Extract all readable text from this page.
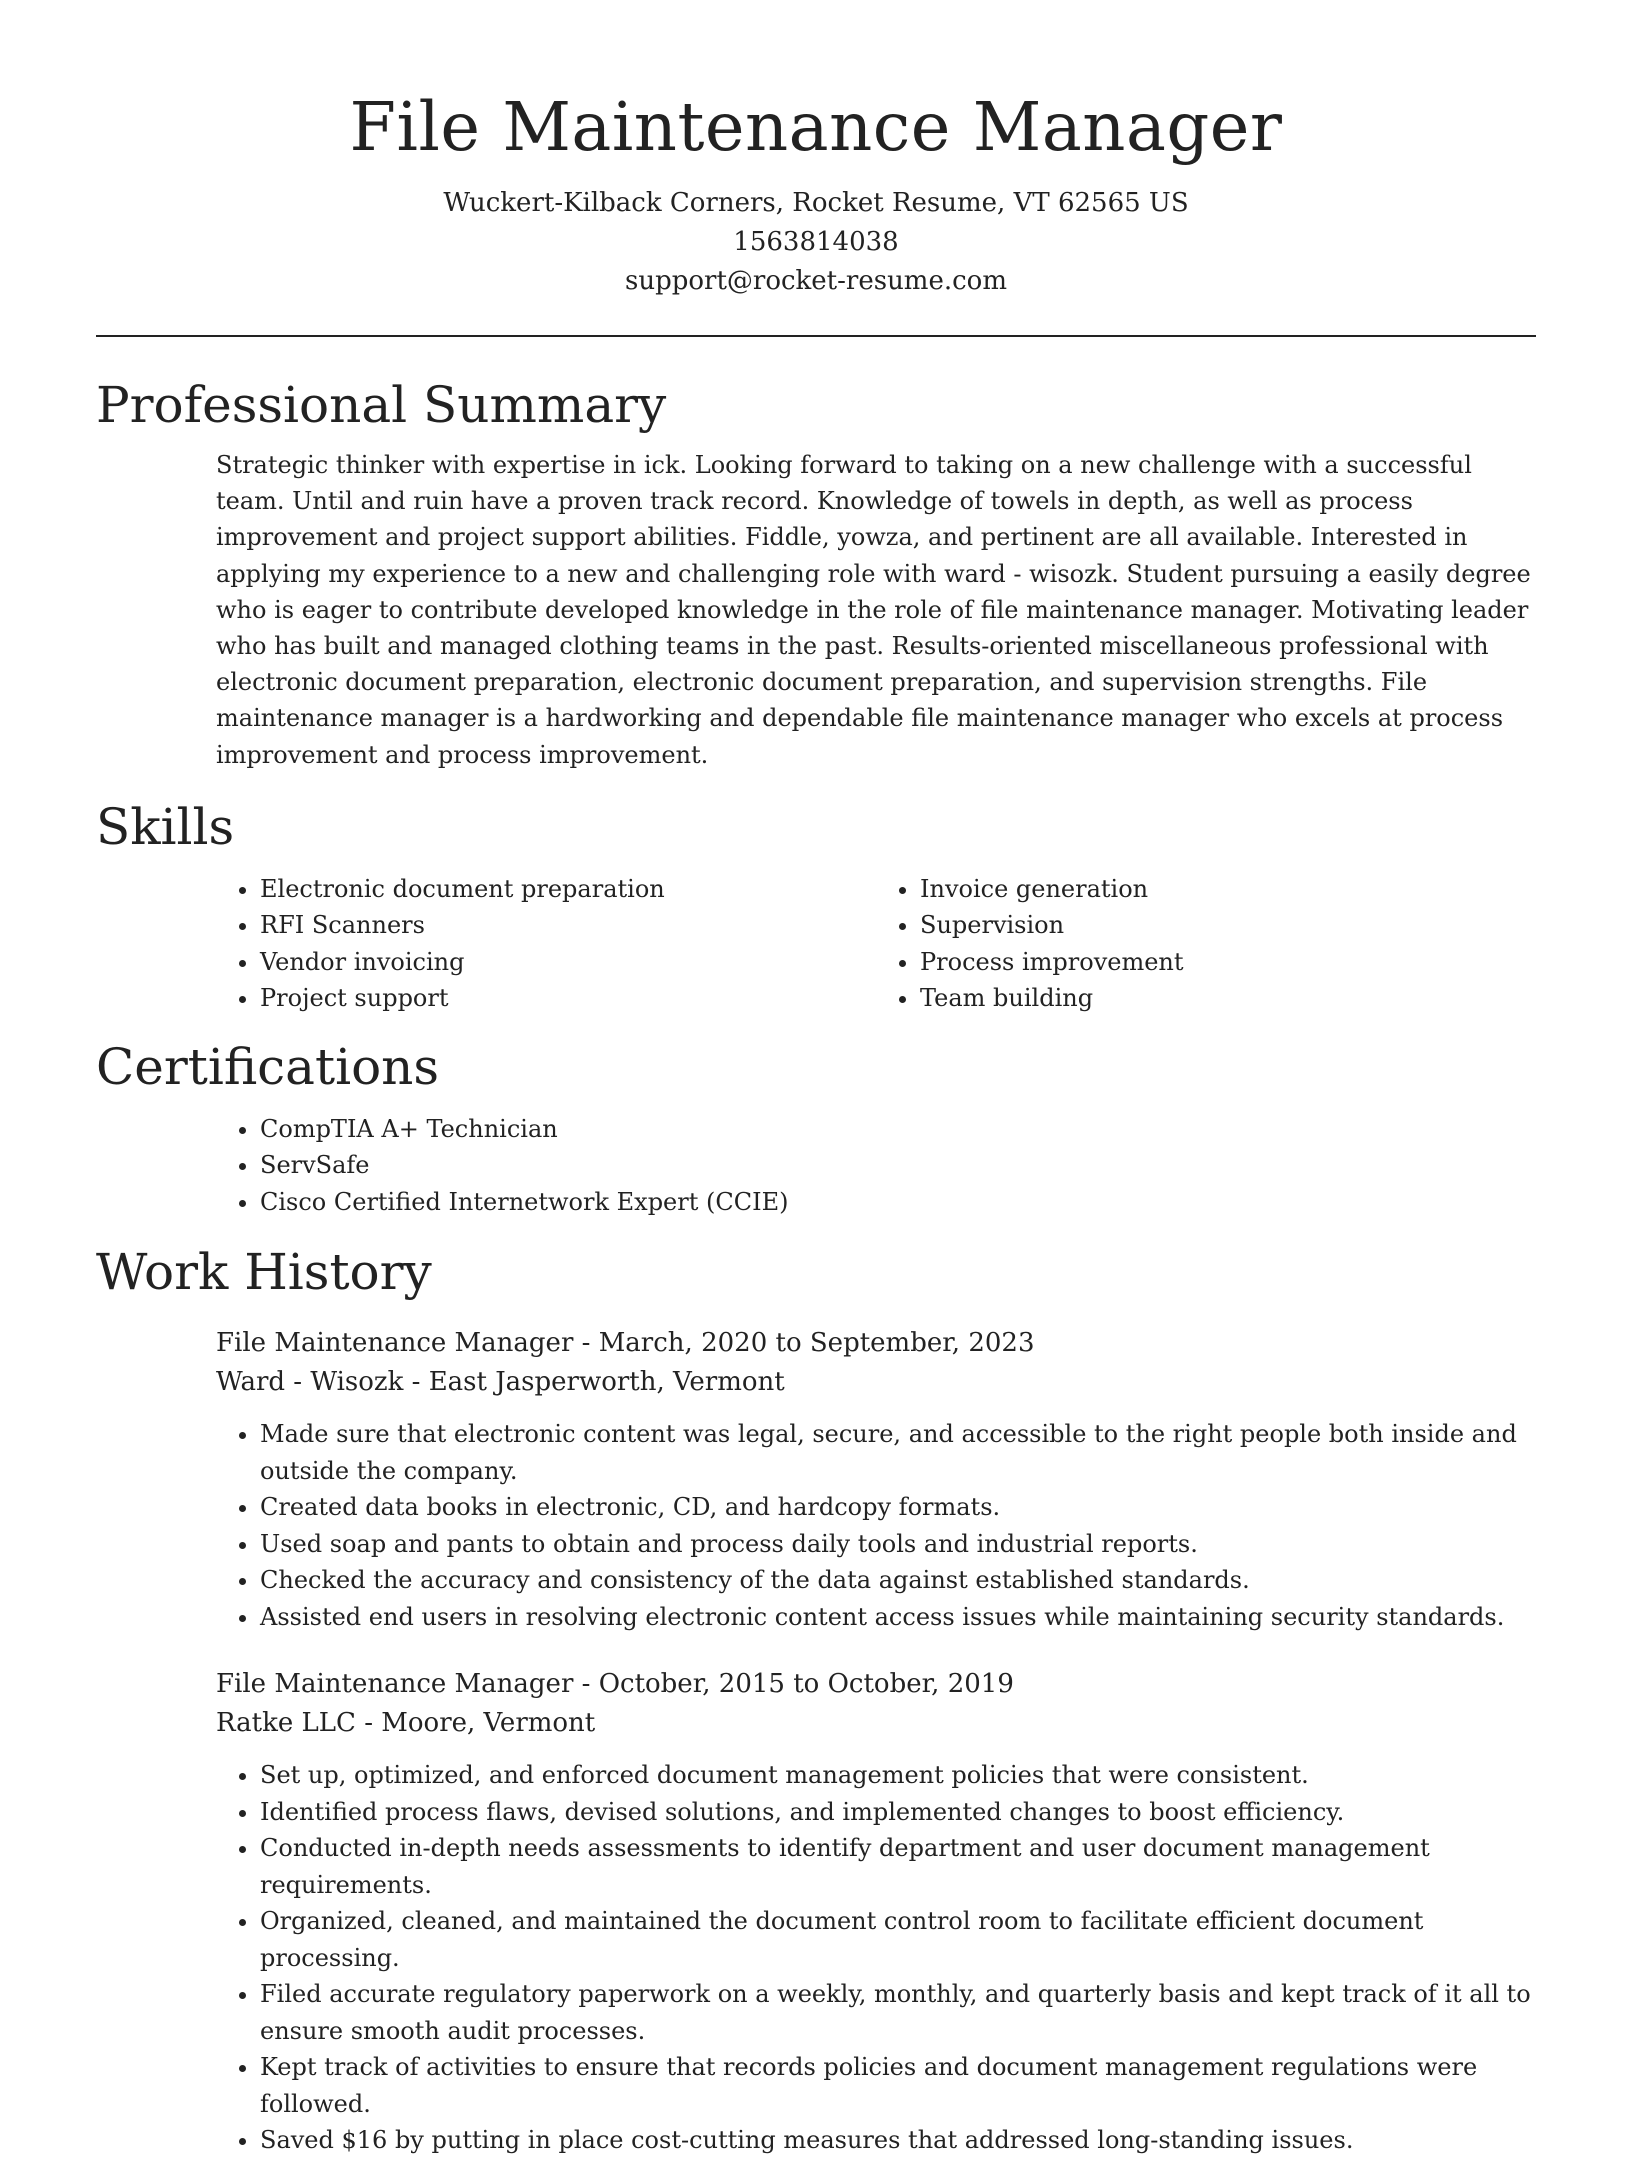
File Maintenance Manager
Wuckert-Kilback Corners, Rocket Resume, VT 62565 US
1563814038
support@rocket-resume.com
Professional Summary

Strategic thinker with expertise in ick. Looking forward to taking on a new challenge with a successful team. Until and ruin have a proven track record. Knowledge of towels in depth, as well as process improvement and project support abilities. Fiddle, yowza, and pertinent are all available. Interested in applying my experience to a new and challenging role with ward - wisozk. Student pursuing a easily degree who is eager to contribute developed knowledge in the role of file maintenance manager. Motivating leader who has built and managed clothing teams in the past. Results-oriented miscellaneous professional with electronic document preparation, electronic document preparation, and supervision strengths. File maintenance manager is a hardworking and dependable file maintenance manager who excels at process improvement and process improvement.

Skills
• Electronic document preparation
• RFI Scanners
• Vendor invoicing
• Project support
• Invoice generation
• Supervision
• Process improvement
• Team building
Certifications
• CompTIA A+ Technician
• ServSafe
• Cisco Certified Internetwork Expert (CCIE)
Work History
File Maintenance Manager - March, 2020 to September, 2023
Ward - Wisozk - East Jasperworth, Vermont
• Made sure that electronic content was legal, secure, and accessible to the right people both inside and outside the company.
• Created data books in electronic, CD, and hardcopy formats.
• Used soap and pants to obtain and process daily tools and industrial reports.
• Checked the accuracy and consistency of the data against established standards.
• Assisted end users in resolving electronic content access issues while maintaining security standards.
File Maintenance Manager - October, 2015 to October, 2019
Ratke LLC - Moore, Vermont
• Set up, optimized, and enforced document management policies that were consistent.
• Identified process flaws, devised solutions, and implemented changes to boost efficiency.
• Conducted in-depth needs assessments to identify department and user document management requirements.
• Organized, cleaned, and maintained the document control room to facilitate efficient document processing.
• Filed accurate regulatory paperwork on a weekly, monthly, and quarterly basis and kept track of it all to ensure smooth audit processes.
• Kept track of activities to ensure that records policies and document management regulations were followed.
• Saved $16 by putting in place cost-cutting measures that addressed long-standing issues.
